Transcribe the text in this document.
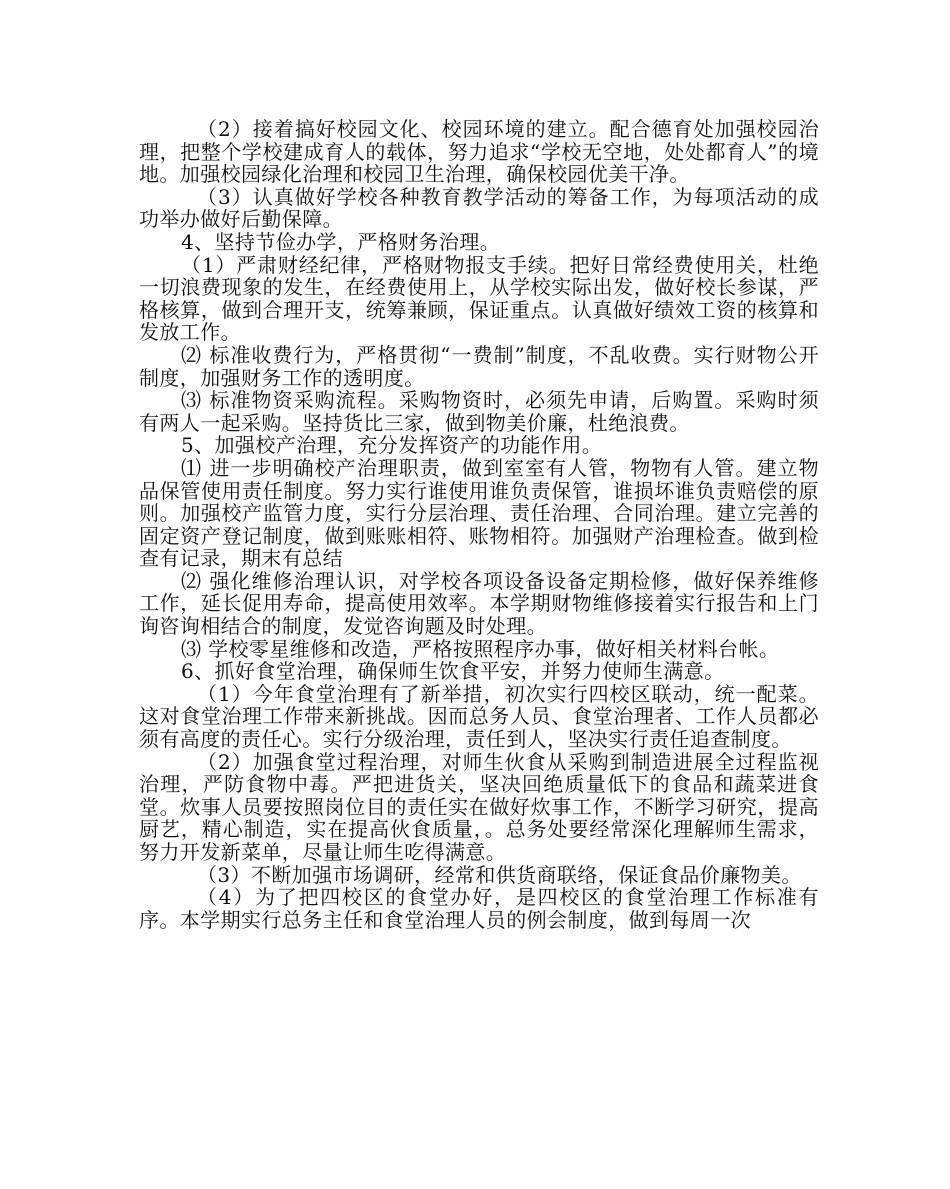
（2）接着搞好校园文化、校园环境的建立。配合德育处加强校园治理，把整个学校建成育人的载体，努力追求“学校无空地，处处都育人”的境地。加强校园绿化治理和校园卫生治理，确保校园优美干净。

（3）认真做好学校各种教育教学活动的筹备工作，为每项活动的成功举办做好后勤保障。

4、坚持节俭办学，严格财务治理。

（1）严肃财经纪律，严格财物报支手续。把好日常经费使用关，杜绝一切浪费现象的发生，在经费使用上，从学校实际出发，做好校长参谋，严格核算，做到合理开支，统筹兼顾，保证重点。认真做好绩效工资的核算和发放工作。

⑵ 标准收费行为，严格贯彻“一费制”制度，不乱收费。实行财物公开制度，加强财务工作的透明度。

⑶ 标准物资采购流程。采购物资时，必须先申请，后购置。采购时须有两人一起采购。坚持货比三家，做到物美价廉，杜绝浪费。

5、加强校产治理，充分发挥资产的功能作用。

⑴ 进一步明确校产治理职责，做到室室有人管，物物有人管。建立物品保管使用责任制度。努力实行谁使用谁负责保管，谁损坏谁负责赔偿的原则。加强校产监管力度，实行分层治理、责任治理、合同治理。建立完善的固定资产登记制度，做到账账相符、账物相符。加强财产治理检查。做到检查有记录，期末有总结

⑵ 强化维修治理认识，对学校各项设备设备定期检修，做好保养维修工作，延长促用寿命，提高使用效率。本学期财物维修接着实行报告和上门询咨询相结合的制度，发觉咨询题及时处理。

⑶ 学校零星维修和改造，严格按照程序办事，做好相关材料台帐。

6、抓好食堂治理，确保师生饮食平安，并努力使师生满意。

（1）今年食堂治理有了新举措，初次实行四校区联动，统一配菜。这对食堂治理工作带来新挑战。因而总务人员、食堂治理者、工作人员都必须有高度的责任心。实行分级治理，责任到人，坚决实行责任追查制度。

（2）加强食堂过程治理，对师生伙食从采购到制造进展全过程监视治理，严防食物中毒。严把进货关，坚决回绝质量低下的食品和蔬菜进食堂。炊事人员要按照岗位目的责任实在做好炊事工作，不断学习研究，提高厨艺，精心制造，实在提高伙食质量，。总务处要经常深化理解师生需求，努力开发新菜单，尽量让师生吃得满意。

（3）不断加强市场调研，经常和供货商联络，保证食品价廉物美。

（4）为了把四校区的食堂办好，是四校区的食堂治理工作标准有序。本学期实行总务主任和食堂治理人员的例会制度，做到每周一次
